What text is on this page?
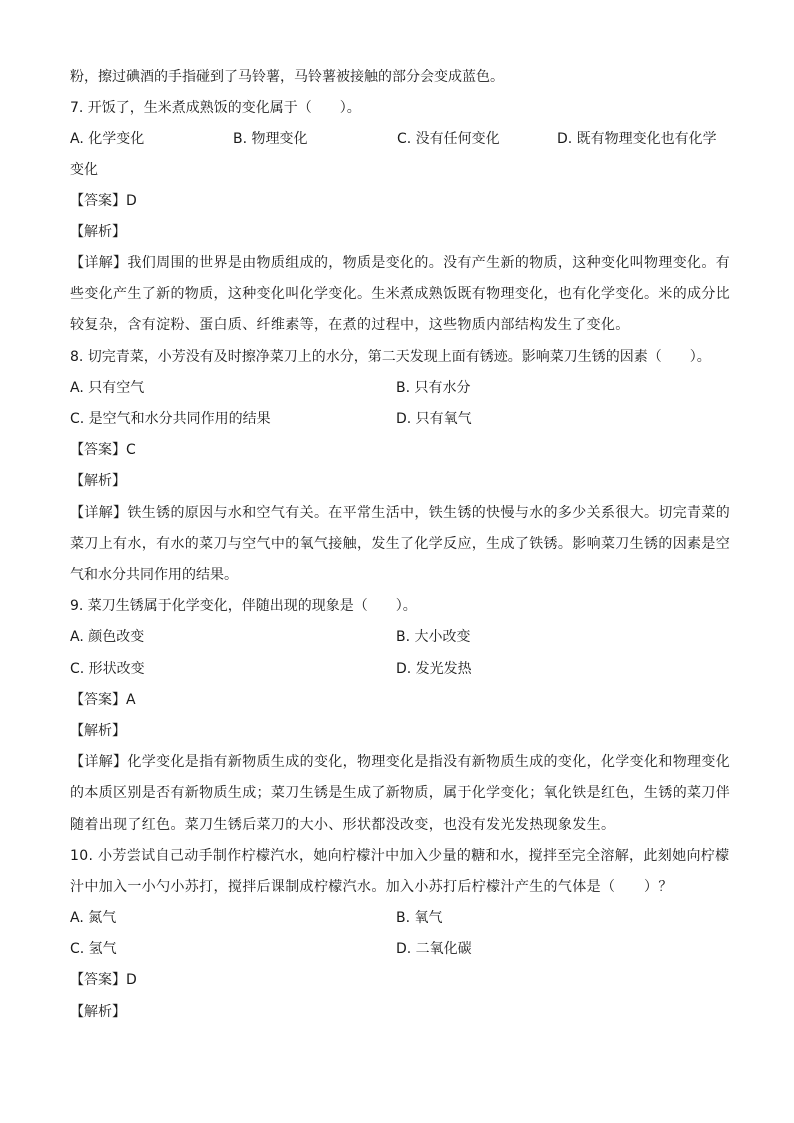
粉，擦过碘酒的手指碰到了马铃薯，马铃薯被接触的部分会变成蓝色。
7. 开饭了，生米煮成熟饭的变化属于（　　）。
A. 化学变化	B. 物理变化	C. 没有任何变化	D. 既有物理变化也有化学
变化
【答案】D
【解析】
【详解】我们周围的世界是由物质组成的，物质是变化的。没有产生新的物质，这种变化叫物理变化。有
些变化产生了新的物质，这种变化叫化学变化。生米煮成熟饭既有物理变化，也有化学变化。米的成分比
较复杂，含有淀粉、蛋白质、纤维素等，在煮的过程中，这些物质内部结构发生了变化。
8. 切完青菜，小芳没有及时擦净菜刀上的水分，第二天发现上面有锈迹。影响菜刀生锈的因素（　　）。
A. 只有空气	B. 只有水分
C. 是空气和水分共同作用的结果	D. 只有氧气
【答案】C
【解析】
【详解】铁生锈的原因与水和空气有关。在平常生活中，铁生锈的快慢与水的多少关系很大。切完青菜的
菜刀上有水，有水的菜刀与空气中的氧气接触，发生了化学反应，生成了铁锈。影响菜刀生锈的因素是空
气和水分共同作用的结果。
9. 菜刀生锈属于化学变化，伴随出现的现象是（　　）。
A. 颜色改变	B. 大小改变
C. 形状改变	D. 发光发热
【答案】A
【解析】
【详解】化学变化是指有新物质生成的变化，物理变化是指没有新物质生成的变化，化学变化和物理变化
的本质区别是否有新物质生成；菜刀生锈是生成了新物质，属于化学变化；氧化铁是红色，生锈的菜刀伴
随着出现了红色。菜刀生锈后菜刀的大小、形状都没改变，也没有发光发热现象发生。
10. 小芳尝试自己动手制作柠檬汽水，她向柠檬汁中加入少量的糖和水，搅拌至完全溶解，此刻她向柠檬
汁中加入一小勺小苏打，搅拌后课制成柠檬汽水。加入小苏打后柠檬汁产生的气体是（　　）？
A. 氮气	B. 氧气
C. 氢气	D. 二氧化碳
【答案】D
【解析】
